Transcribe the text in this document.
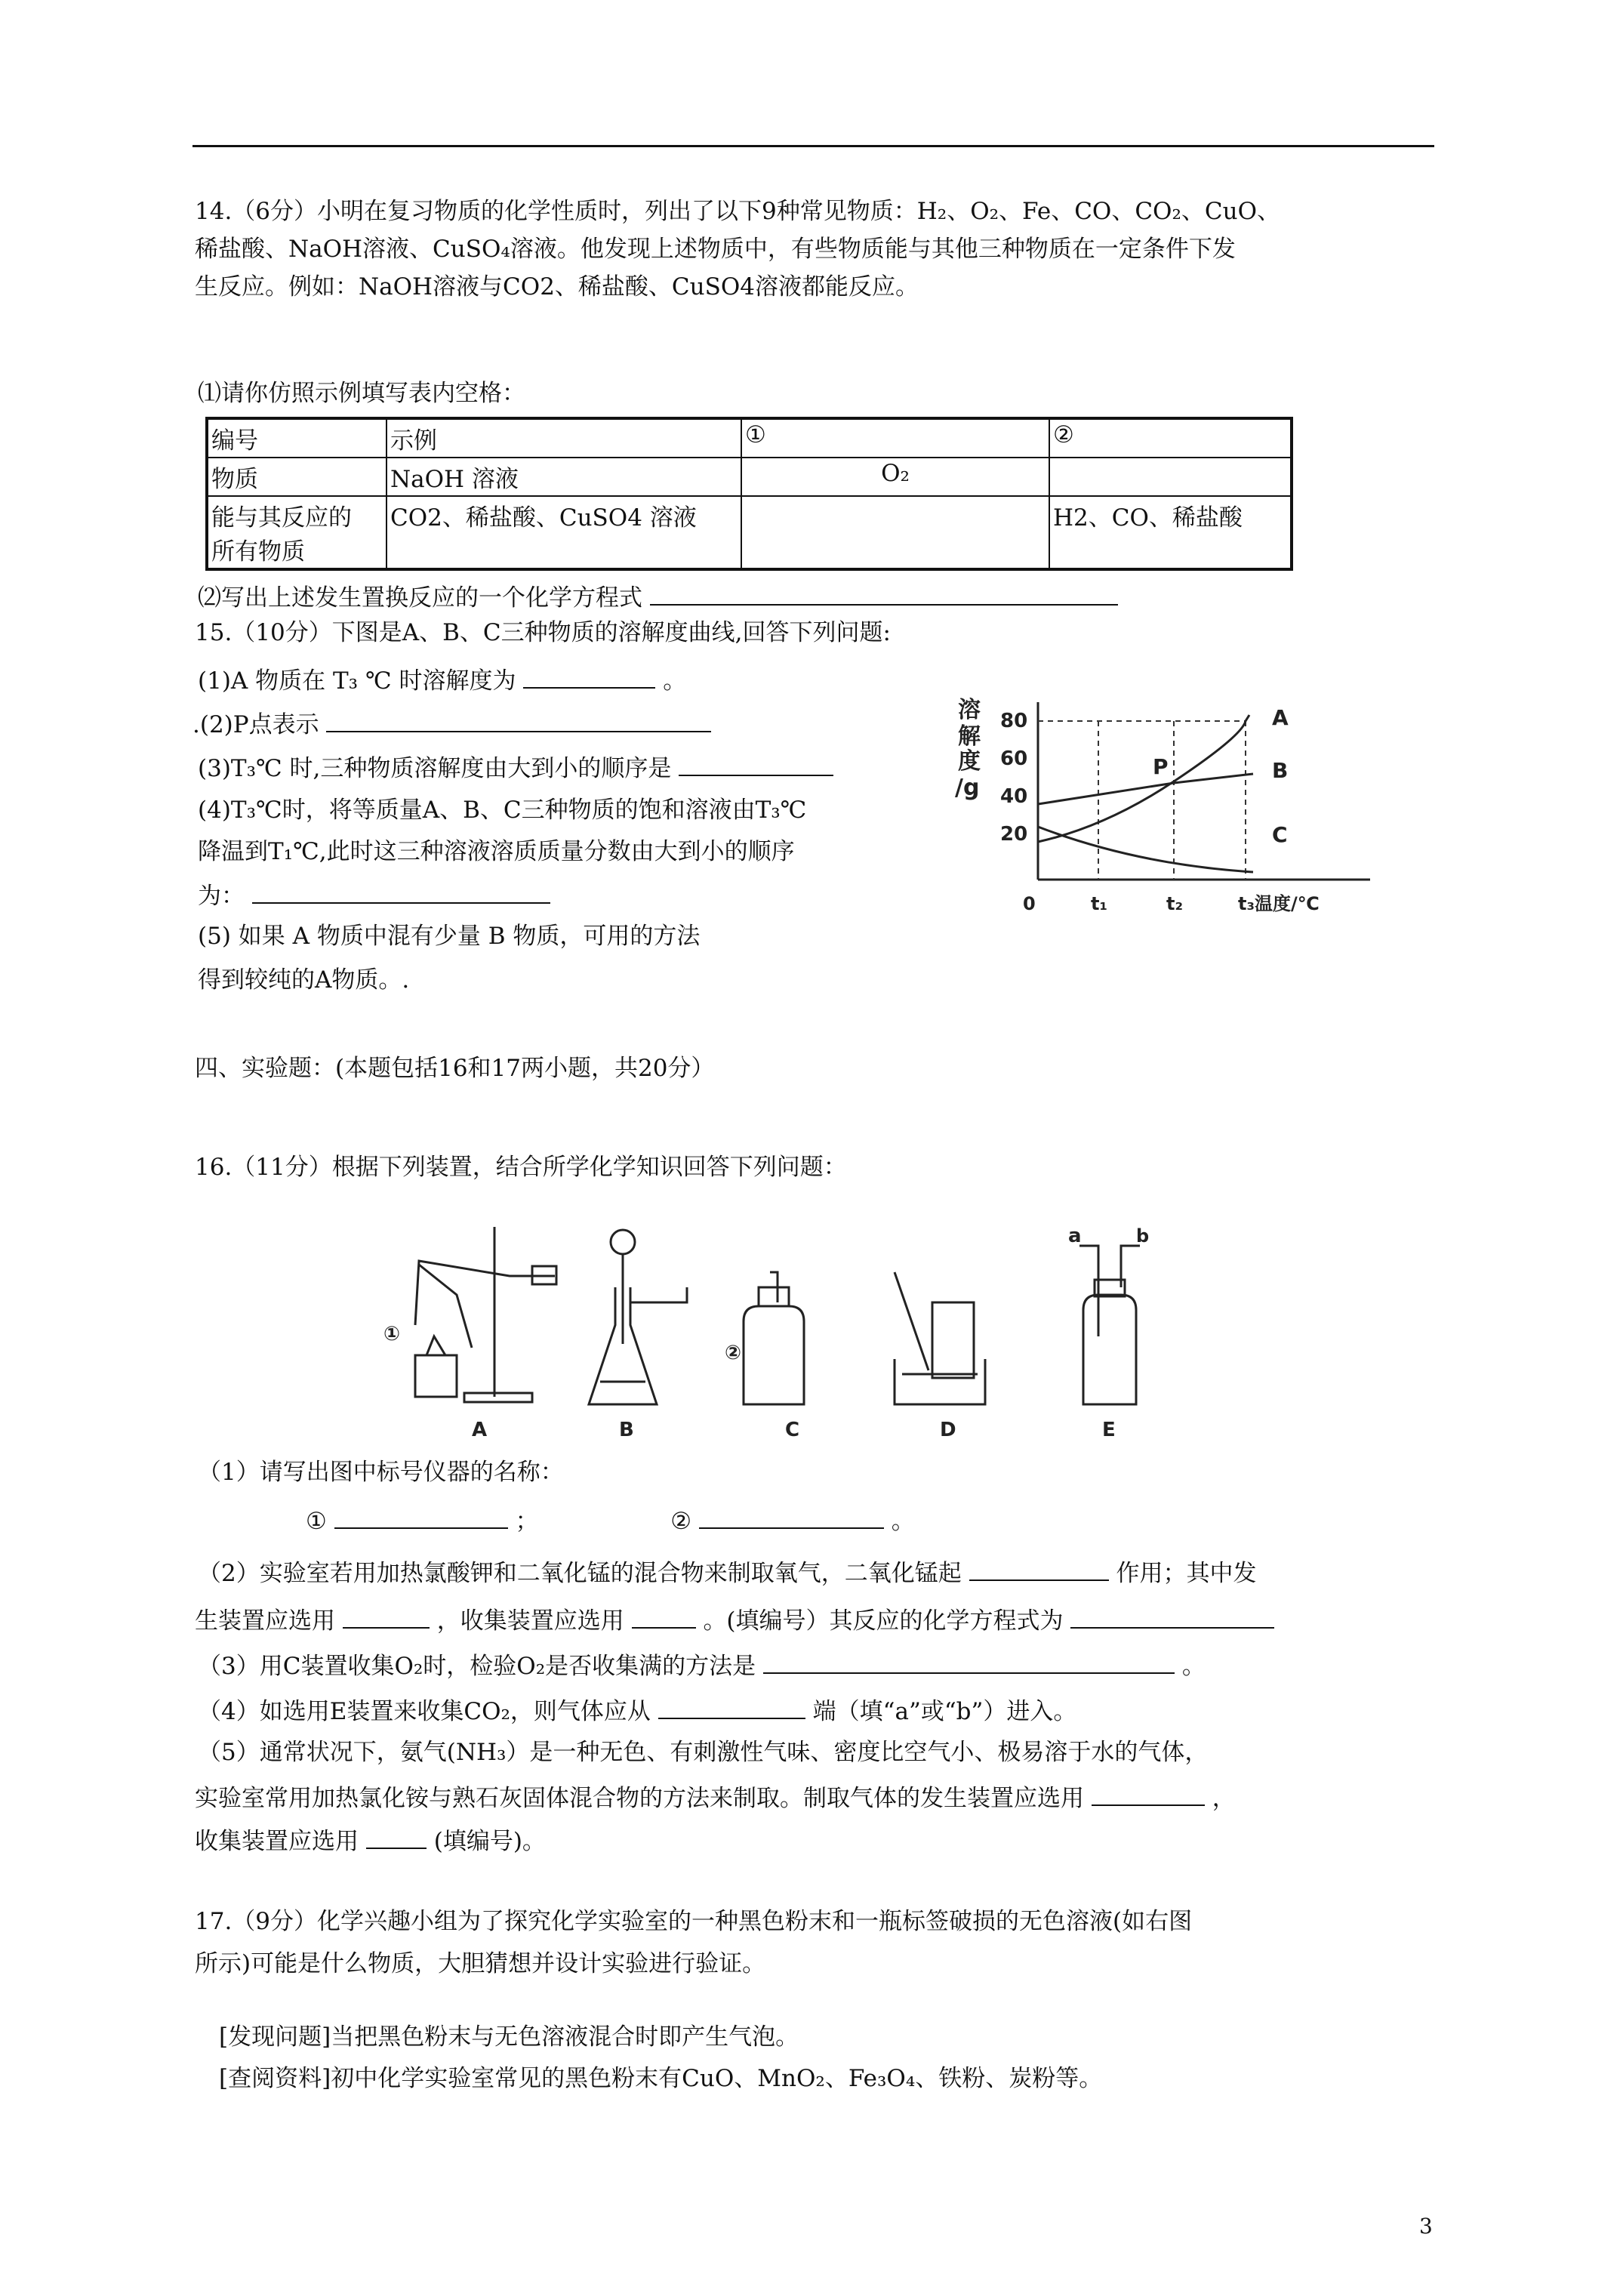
14.（6分）小明在复习物质的化学性质时，列出了以下9种常见物质：H₂、O₂、Fe、CO、CO₂、CuO、
稀盐酸、NaOH溶液、CuSO₄溶液。他发现上述物质中，有些物质能与其他三种物质在一定条件下发
生反应。例如：NaOH溶液与CO2、稀盐酸、CuSO4溶液都能反应。
⑴请你仿照示例填写表内空格：
编号	示例	①	②
物质	NaOH 溶液	O₂	

能与其反应的
所有物质	CO2、稀盐酸、CuSO4 溶液		H2、CO、稀盐酸
⑵写出上述发生置换反应的一个化学方程式
15.（10分）下图是A、B、C三种物质的溶解度曲线,回答下列问题:
(1)A 物质在 T₃ ℃ 时溶解度为	。
.(2)P点表示
(3)T₃℃ 时,三种物质溶解度由大到小的顺序是
(4)T₃℃时，将等质量A、B、C三种物质的饱和溶液由T₃℃
降温到T₁℃,此时这三种溶液溶质质量分数由大到小的顺序
为：
(5) 如果 A 物质中混有少量 B 物质，可用的方法
得到较纯的A物质。.
溶
解
度
/g
80
60
40
20
A
B
C
P
0	t₁	t₂	t₃温度/℃
四、实验题：(本题包括16和17两小题，共20分）
16.（11分）根据下列装置，结合所学化学知识回答下列问题：
①
②
a	b
A	B	C	D	E
（1）请写出图中标号仪器的名称：
①	；	②	。
（2）实验室若用加热氯酸钾和二氧化锰的混合物来制取氧气，二氧化锰起	作用；其中发
生装置应选用	，收集装置应选用	。(填编号）其反应的化学方程式为
（3）用C装置收集O₂时，检验O₂是否收集满的方法是	。
（4）如选用E装置来收集CO₂，则气体应从	端（填“a”或“b”）进入。
（5）通常状况下，氨气(NH₃）是一种无色、有刺激性气味、密度比空气小、极易溶于水的气体，
实验室常用加热氯化铵与熟石灰固体混合物的方法来制取。制取气体的发生装置应选用	，
收集装置应选用	(填编号)。
17.（9分）化学兴趣小组为了探究化学实验室的一种黑色粉末和一瓶标签破损的无色溶液(如右图
所示)可能是什么物质，大胆猜想并设计实验进行验证。
[发现问题]当把黑色粉末与无色溶液混合时即产生气泡。
[查阅资料]初中化学实验室常见的黑色粉末有CuO、MnO₂、Fe₃O₄、铁粉、炭粉等。
3
